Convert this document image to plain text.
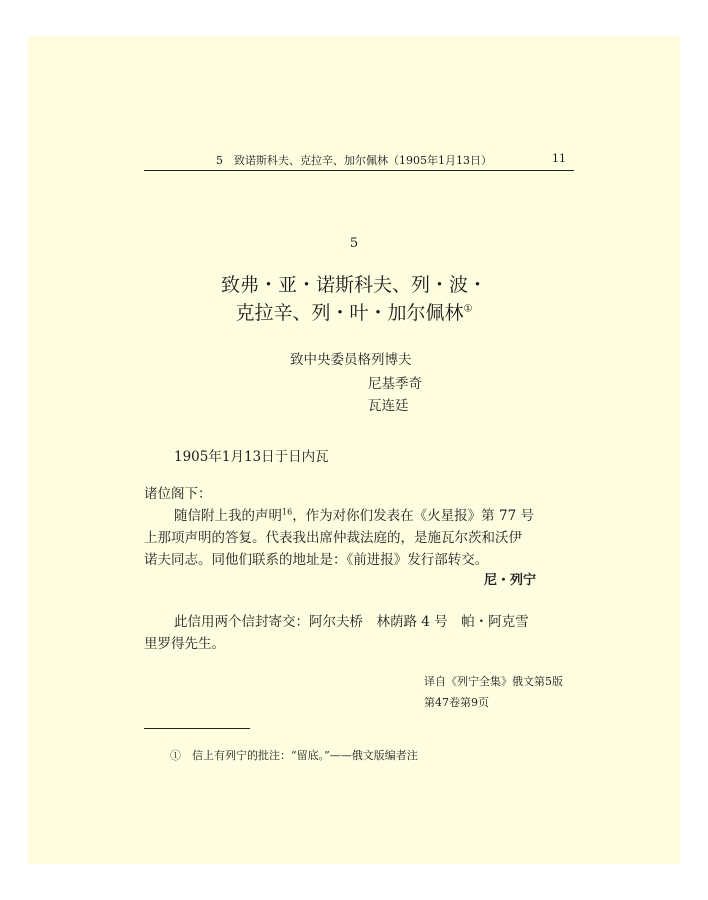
5　致诺斯科夫、克拉辛、加尔佩林（1905年1月13日）	11
5
致弗・亚・诺斯科夫、列・波・
克拉辛、列・叶・加尔佩林①
致中央委员格列博夫
尼基季奇
瓦连廷
1905年1月13日于日内瓦
诸位阁下：
随信附上我的声明$^{16}$，作为对你们发表在《火星报》第 77 号
上那项声明的答复。代表我出席仲裁法庭的，是施瓦尔茨和沃伊
诺夫同志。同他们联系的地址是：《前进报》发行部转交。
尼・列宁
此信用两个信封寄交：阿尔夫桥　林荫路 4 号　帕・阿克雪
里罗得先生。
译自《列宁全集》俄文第5版
第47卷第9页
①　信上有列宁的批注：“留底。”——俄文版编者注
